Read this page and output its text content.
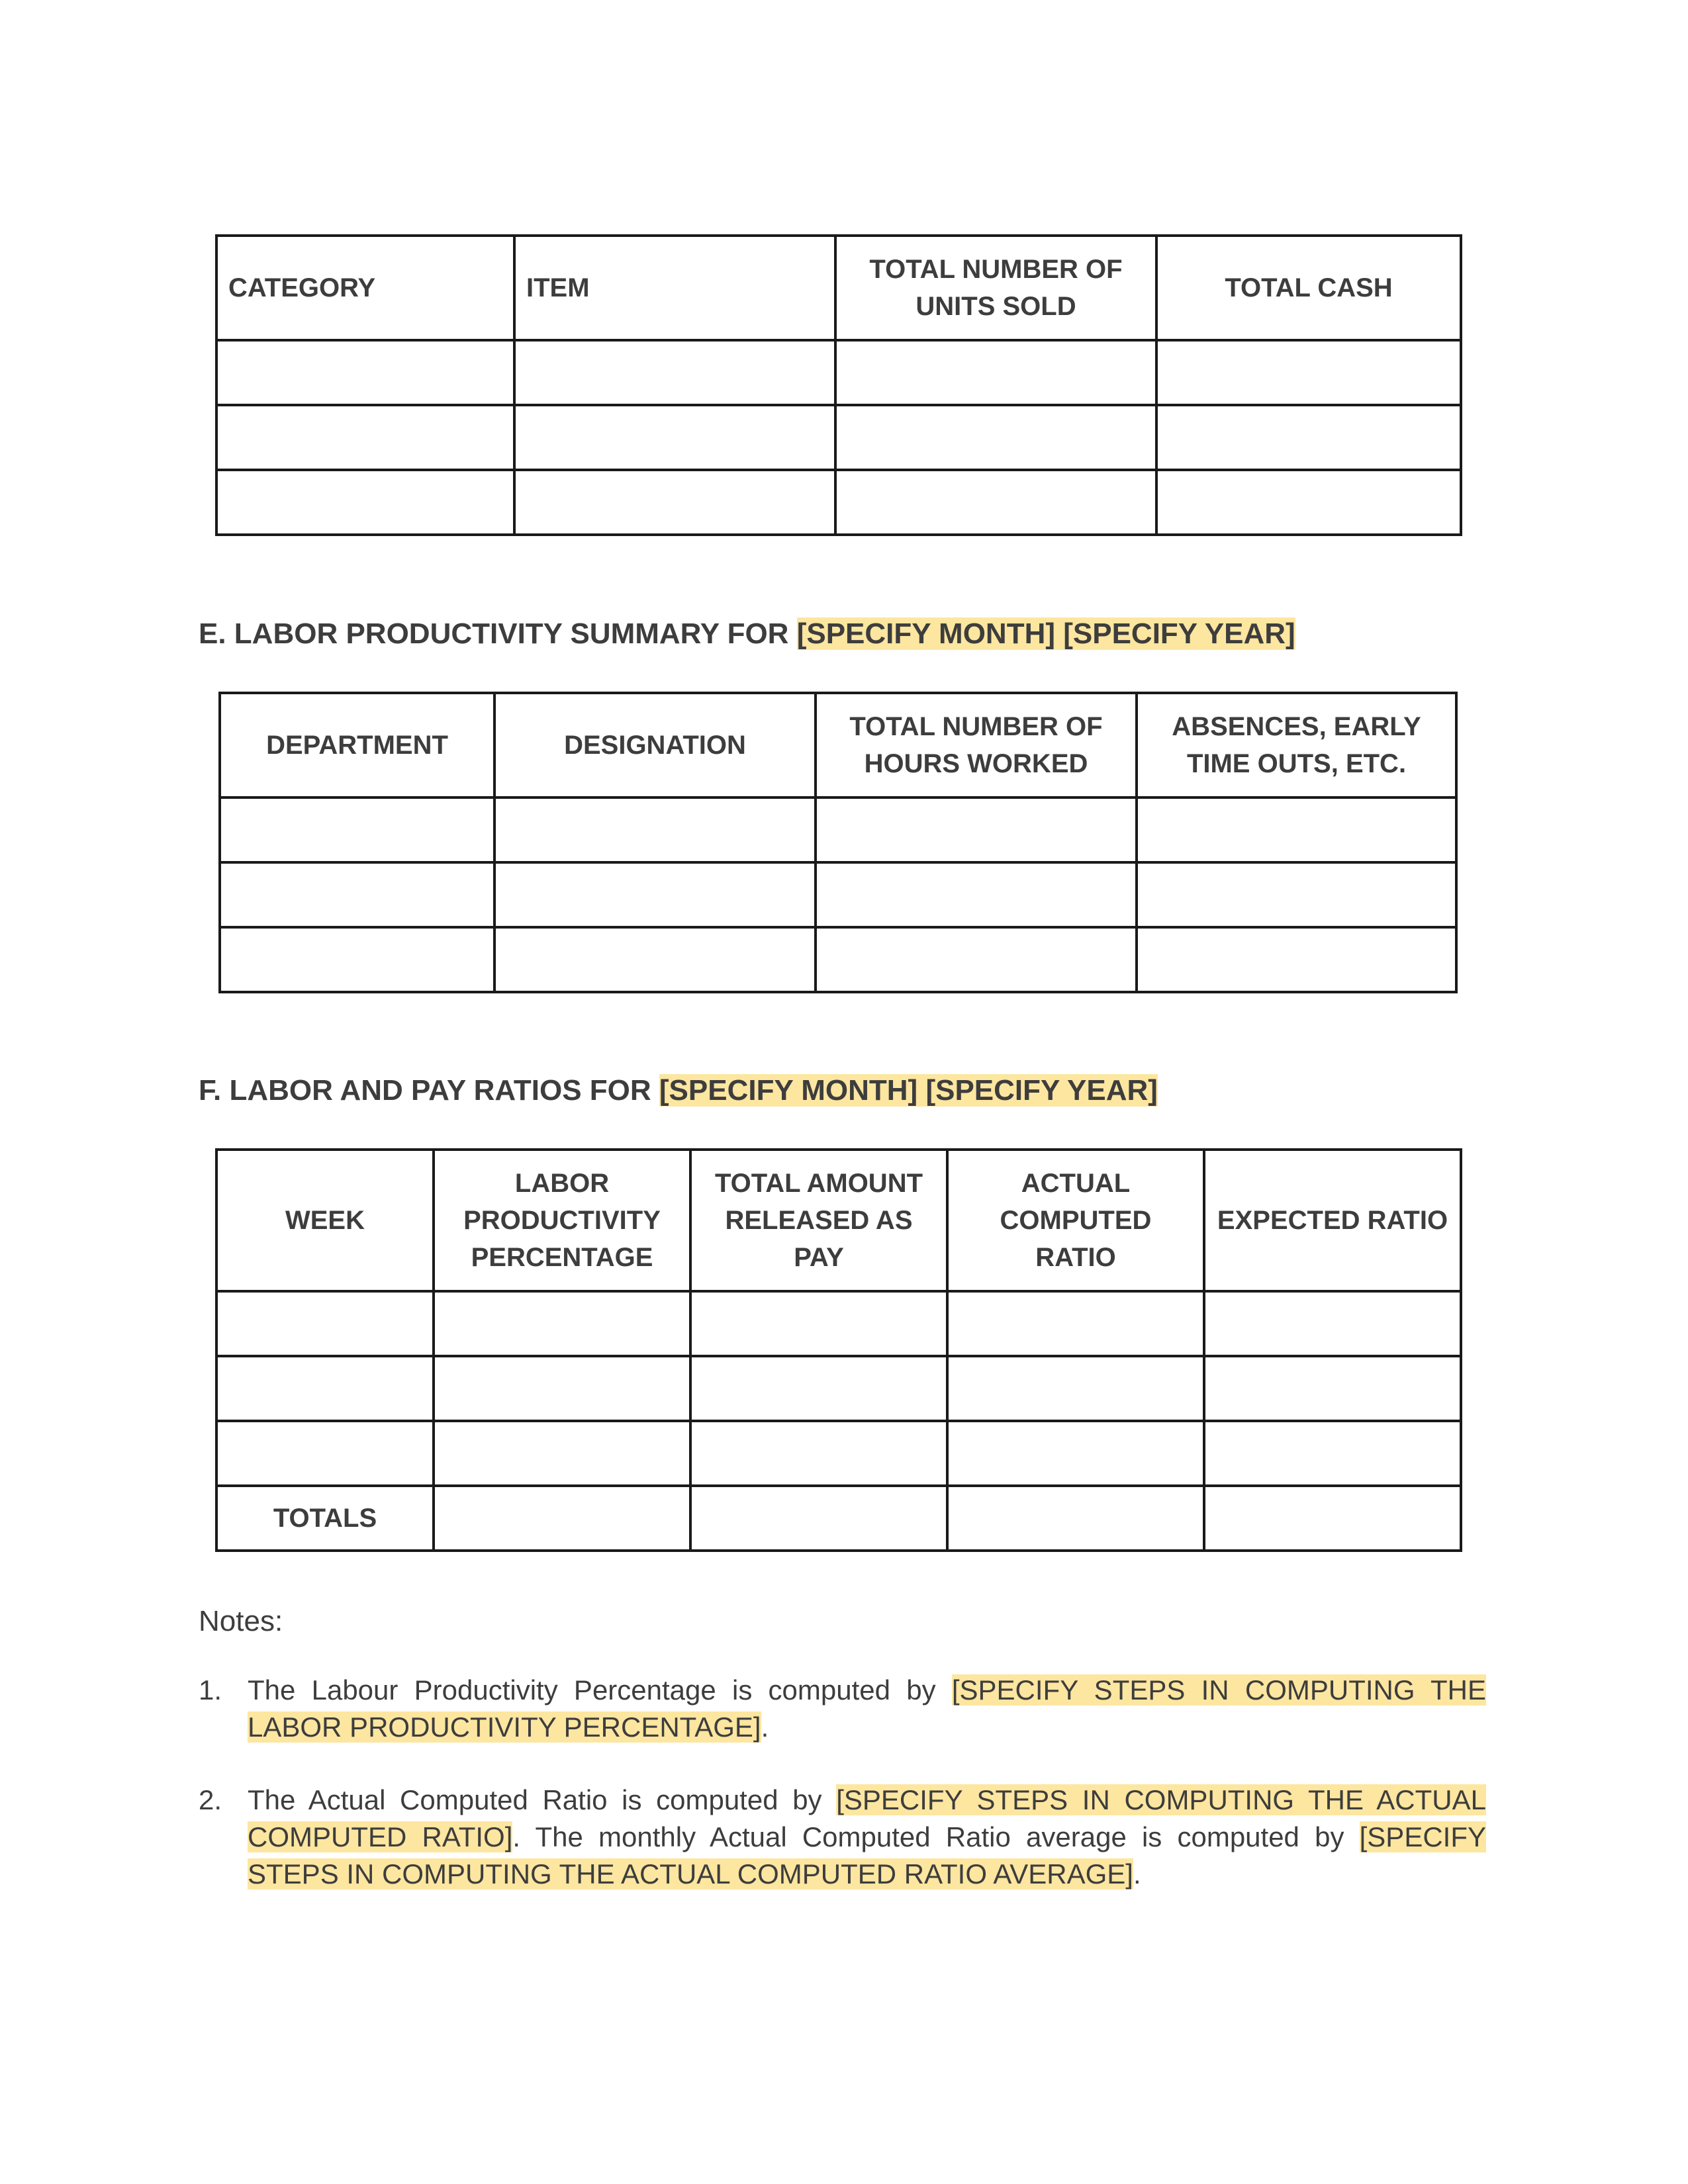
CATEGORY	ITEM	TOTAL NUMBER OF UNITS SOLD	TOTAL CASH

E. LABOR PRODUCTIVITY SUMMARY FOR [SPECIFY MONTH] [SPECIFY YEAR]
DEPARTMENT	DESIGNATION	TOTAL NUMBER OF HOURS WORKED	ABSENCES, EARLY TIME OUTS, ETC.

F. LABOR AND PAY RATIOS FOR [SPECIFY MONTH] [SPECIFY YEAR]
WEEK	LABOR PRODUCTIVITY PERCENTAGE	TOTAL AMOUNT RELEASED AS PAY	ACTUAL COMPUTED RATIO	EXPECTED RATIO

TOTALS				

Notes:

1. The Labour Productivity Percentage is computed by [SPECIFY STEPS IN COMPUTING THE LABOR PRODUCTIVITY PERCENTAGE].
2. The Actual Computed Ratio is computed by [SPECIFY STEPS IN COMPUTING THE ACTUAL COMPUTED RATIO]. The monthly Actual Computed Ratio average is computed by [SPECIFY STEPS IN COMPUTING THE ACTUAL COMPUTED RATIO AVERAGE].
